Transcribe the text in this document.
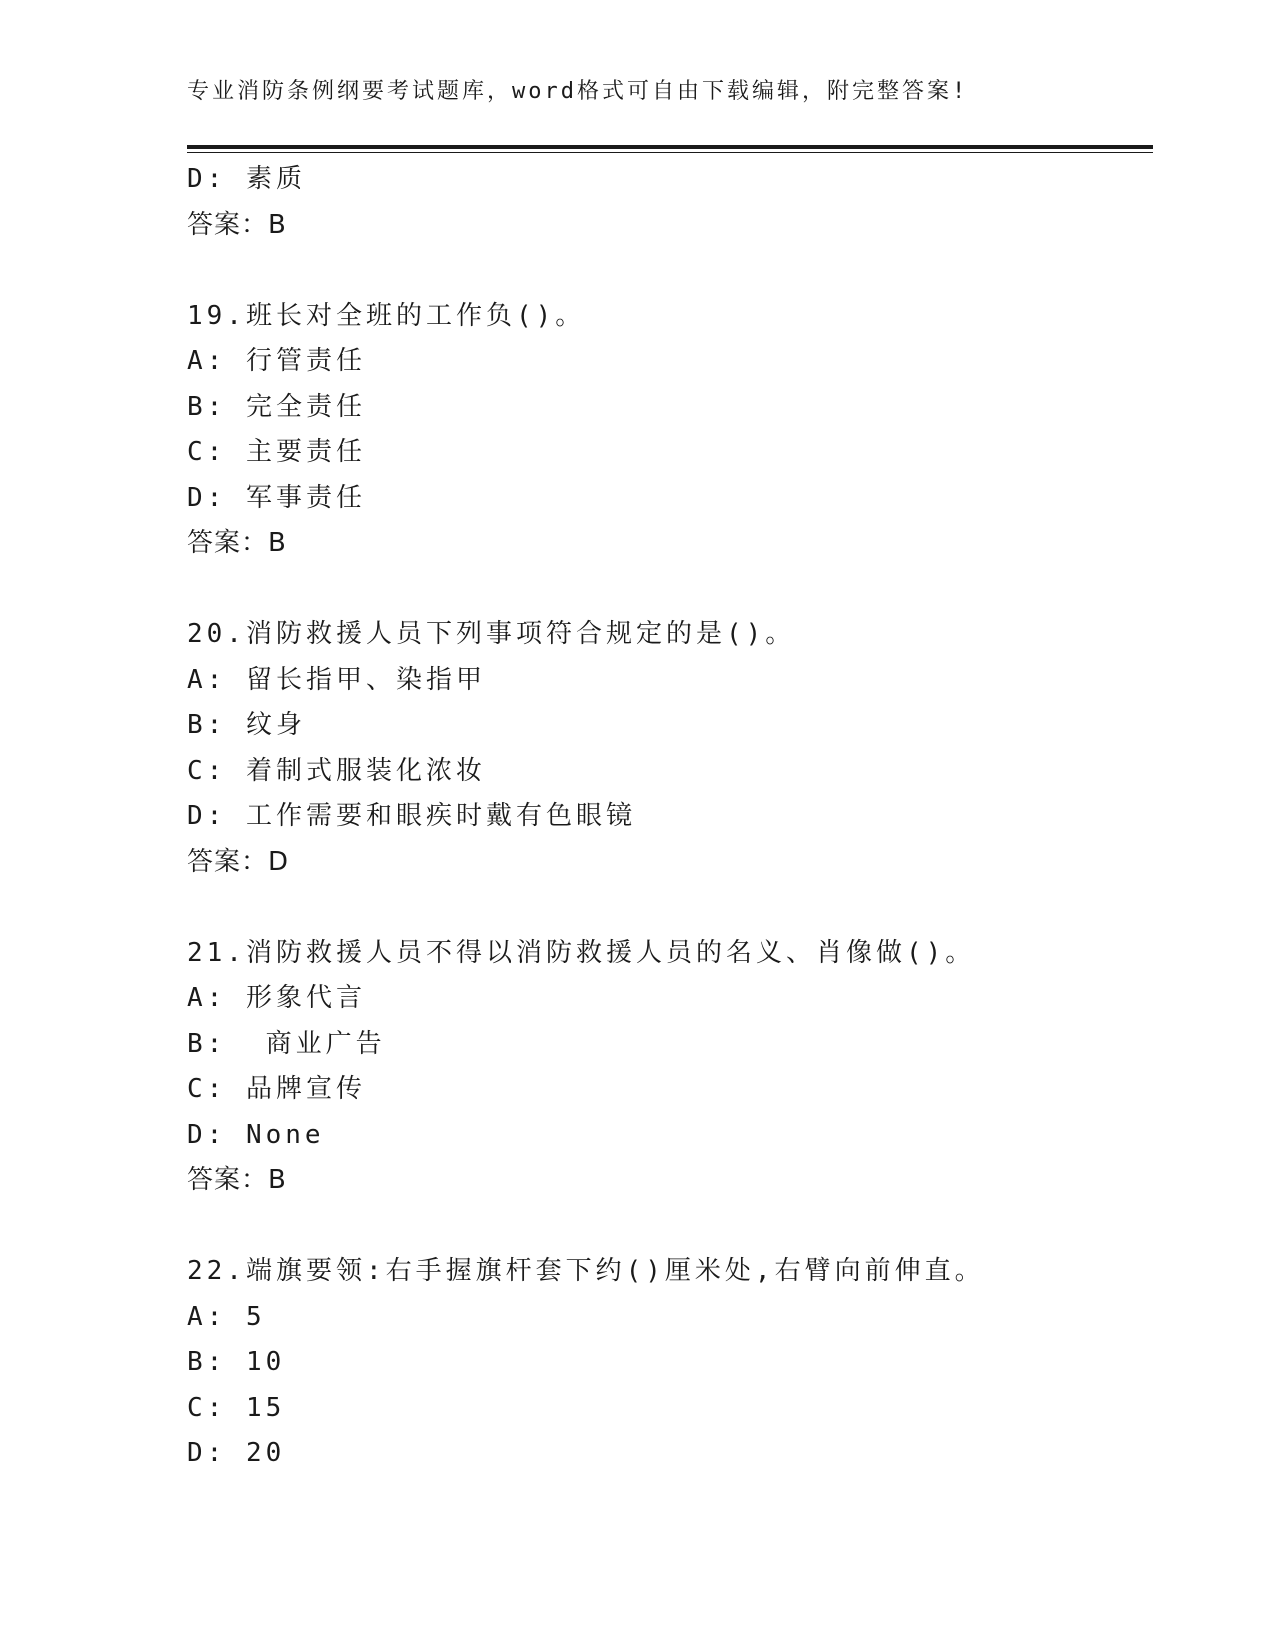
专业消防条例纲要考试题库，word格式可自由下载编辑，附完整答案!
D: 素质
答案：B
19.班长对全班的工作负()。
A: 行管责任
B: 完全责任
C: 主要责任
D: 军事责任
答案：B
20.消防救援人员下列事项符合规定的是()。
A: 留长指甲、染指甲
B: 纹身
C: 着制式服装化浓妆
D: 工作需要和眼疾时戴有色眼镜
答案：D
21.消防救援人员不得以消防救援人员的名义、肖像做()。
A: 形象代言
B:  商业广告
C: 品牌宣传
D: None
答案：B
22.端旗要领:右手握旗杆套下约()厘米处,右臂向前伸直。
A: 5
B: 10
C: 15
D: 20
